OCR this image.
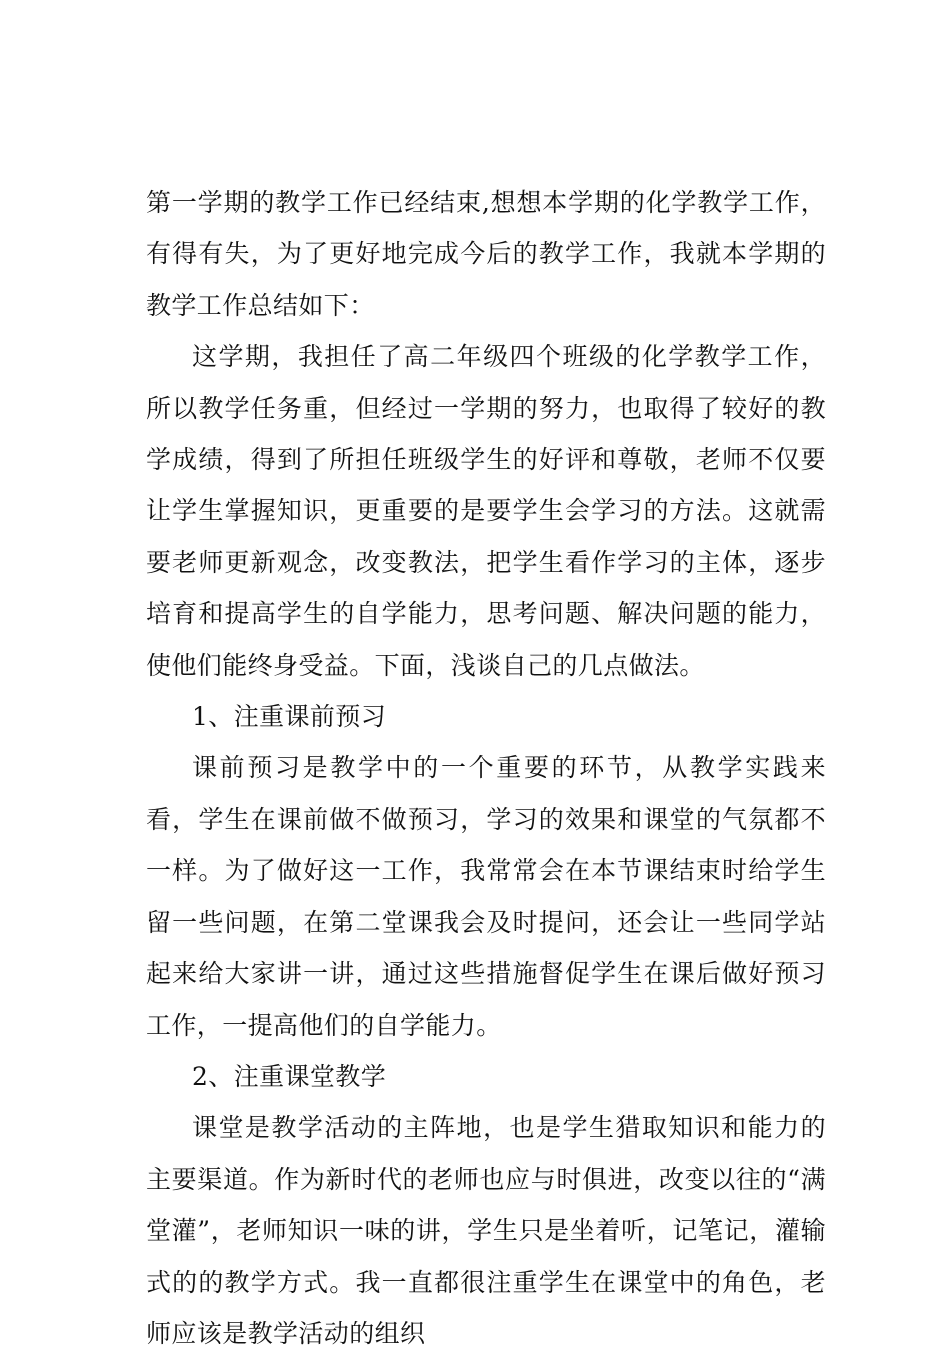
第一学期的教学工作已经结束,想想本学期的化学教学工作，有得有失，为了更好地完成今后的教学工作，我就本学期的教学工作总结如下：

这学期，我担任了高二年级四个班级的化学教学工作，所以教学任务重，但经过一学期的努力，也取得了较好的教学成绩，得到了所担任班级学生的好评和尊敬，老师不仅要让学生掌握知识，更重要的是要学生会学习的方法。这就需要老师更新观念，改变教法，把学生看作学习的主体，逐步培育和提高学生的自学能力，思考问题、解决问题的能力，使他们能终身受益。下面，浅谈自己的几点做法。

1、注重课前预习

课前预习是教学中的一个重要的环节，从教学实践来看，学生在课前做不做预习，学习的效果和课堂的气氛都不一样。为了做好这一工作，我常常会在本节课结束时给学生留一些问题，在第二堂课我会及时提问，还会让一些同学站起来给大家讲一讲，通过这些措施督促学生在课后做好预习工作，一提高他们的自学能力。

2、注重课堂教学

课堂是教学活动的主阵地，也是学生猎取知识和能力的主要渠道。作为新时代的老师也应与时俱进，改变以往的“满堂灌”，老师知识一味的讲，学生只是坐着听，记笔记，灌输式的的教学方式。我一直都很注重学生在课堂中的角色，老师应该是教学活动的组织
